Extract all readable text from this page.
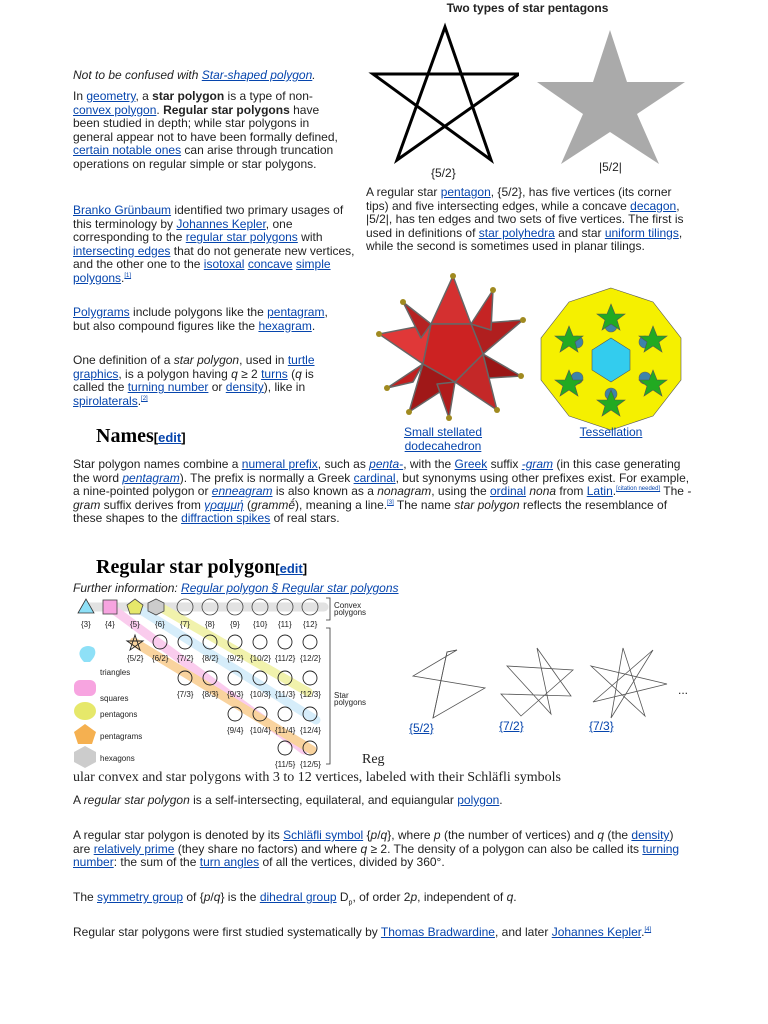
Two types of star pentagons
{5/2}	|5/2|
A regular star pentagon, {5/2}, has five vertices (its corner tips) and five intersecting edges, while a concave decagon, |5/2|, has ten edges and two sets of five vertices. The first is used in definitions of star polyhedra and star uniform tilings, while the second is sometimes used in planar tilings.
Small stellated dodecahedron
Tessellation
Not to be confused with Star-shaped polygon.
In geometry, a star polygon is a type of non-convex polygon. Regular star polygons have been studied in depth; while star polygons in general appear not to have been formally defined, certain notable ones can arise through truncation operations on regular simple or star polygons.
Branko Grünbaum identified two primary usages of this terminology by Johannes Kepler, one corresponding to the regular star polygons with intersecting edges that do not generate new vertices, and the other one to the isotoxal concave simple polygons.[1]
Polygrams include polygons like the pentagram, but also compound figures like the hexagram.
One definition of a star polygon, used in turtle graphics, is a polygon having q ≥ 2 turns (q is called the turning number or density), like in spirolaterals.[2]
Names[edit]
Star polygon names combine a numeral prefix, such as penta-, with the Greek suffix -gram (in this case generating the word pentagram). The prefix is normally a Greek cardinal, but synonyms using other prefixes exist. For example, a nine-pointed polygon or enneagram is also known as a nonagram, using the ordinal nona from Latin.[citation needed] The -gram suffix derives from γραμμή (grammḗ), meaning a line.[3] The name star polygon reflects the resemblance of these shapes to the diffraction spikes of real stars.
Regular star polygon[edit]
Further information: Regular polygon § Regular star polygons
{3} {4} {5} {6} {7} {8} {9} {10} {11} {12}
{5/2} {6/2} {7/2} {8/2} {9/2} {10/2} {11/2} {12/2}
{7/3} {8/3} {9/3} {10/3} {11/3} {12/3}
{9/4} {10/4} {11/4} {12/4}
{11/5} {12/5}
triangles
squares
pentagons
pentagrams
hexagons
Convex polygons
Star polygons
{5/2}	{7/2}	{7/3}
...
Reg
ular convex and star polygons with 3 to 12 vertices, labeled with their Schläfli symbols
A regular star polygon is a self-intersecting, equilateral, and equiangular polygon.
A regular star polygon is denoted by its Schläfli symbol {p/q}, where p (the number of vertices) and q (the density) are relatively prime (they share no factors) and where q ≥ 2. The density of a polygon can also be called its turning number: the sum of the turn angles of all the vertices, divided by 360°.
The symmetry group of {p/q} is the dihedral group $D_p$, of order 2p, independent of q.
Regular star polygons were first studied systematically by Thomas Bradwardine, and later Johannes Kepler.[4]
